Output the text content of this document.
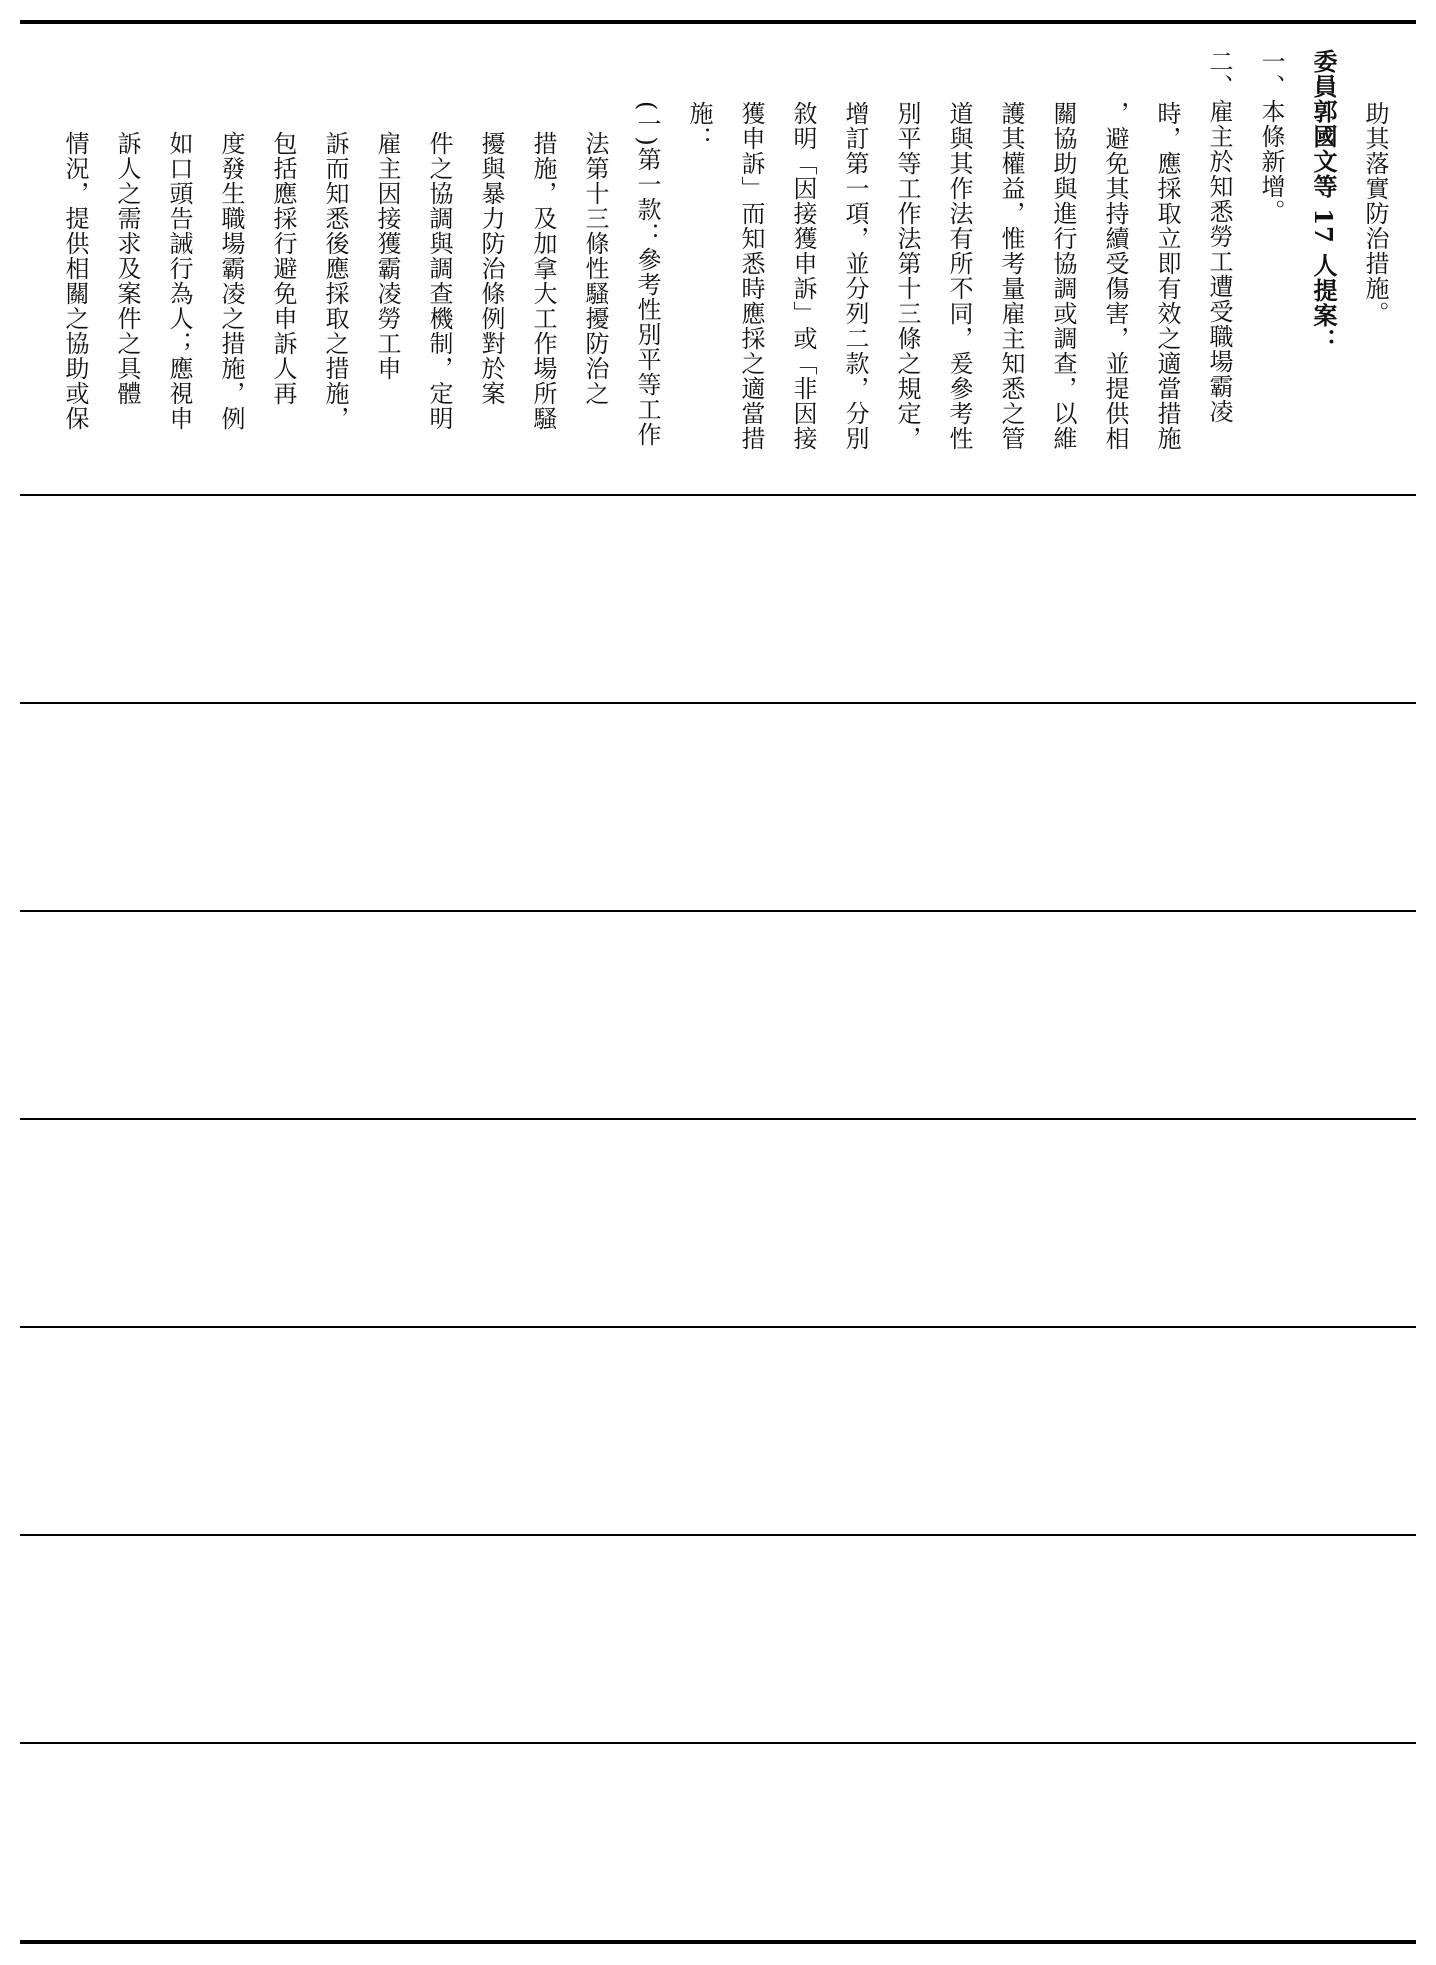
助其落實防治措施。
委員郭國文等 17 人提案：
一、本條新增。
二、雇主於知悉勞工遭受職場霸凌
時，應採取立即有效之適當措施
，避免其持續受傷害，並提供相
關協助與進行協調或調查，以維
護其權益，惟考量雇主知悉之管
道與其作法有所不同，爰參考性
別平等工作法第十三條之規定，
增訂第一項，並分列二款，分別
敘明「因接獲申訴」或「非因接
獲申訴」而知悉時應採之適當措
施：
(一)第一款：參考性別平等工作
法第十三條性騷擾防治之
措施，及加拿大工作場所騷
擾與暴力防治條例對於案
件之協調與調查機制，定明
雇主因接獲霸凌勞工申
訴而知悉後應採取之措施，
包括應採行避免申訴人再
度發生職場霸凌之措施，例
如口頭告誡行為人；應視申
訴人之需求及案件之具體
情況，提供相關之協助或保
